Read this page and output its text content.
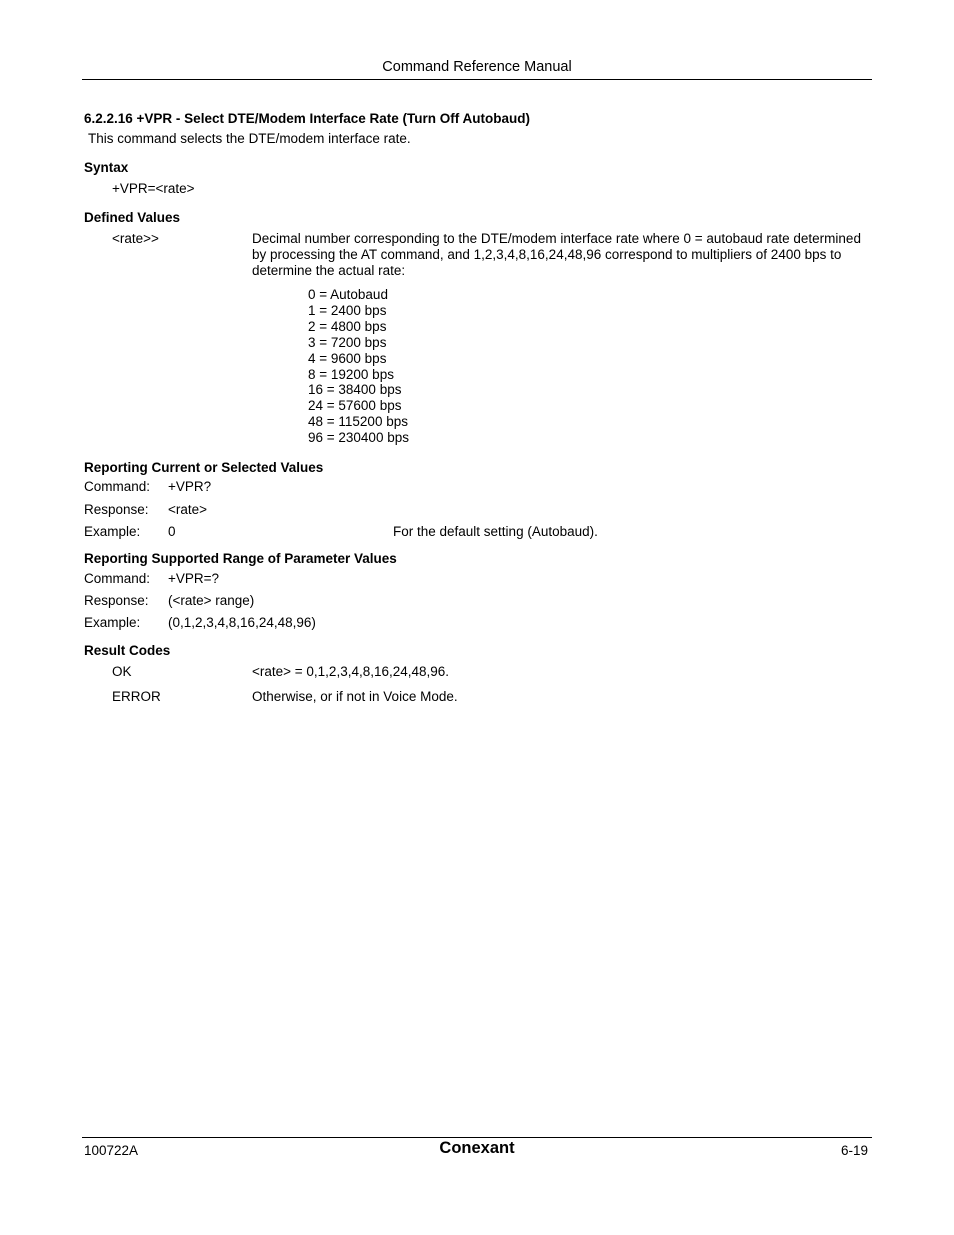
Command Reference Manual
6.2.2.16 +VPR - Select DTE/Modem Interface Rate (Turn Off Autobaud)
This command selects the DTE/modem interface rate.
Syntax
+VPR=<rate>
Defined Values
<rate>>	Decimal number corresponding to the DTE/modem interface rate where 0 = autobaud rate determined by processing the AT command, and 1,2,3,4,8,16,24,48,96 correspond to multipliers of 2400 bps to determine the actual rate:
0 = Autobaud
1 = 2400 bps
2 = 4800 bps
3 = 7200 bps
4 = 9600 bps
8 = 19200 bps
16 = 38400 bps
24 = 57600 bps
48 = 115200 bps
96 = 230400 bps
Reporting Current or Selected Values
Command: +VPR?
Response: <rate>
Example: 0	For the default setting (Autobaud).
Reporting Supported Range of Parameter Values
Command: +VPR=?
Response: (<rate> range)
Example: (0,1,2,3,4,8,16,24,48,96)
Result Codes
OK	<rate> = 0,1,2,3,4,8,16,24,48,96.
ERROR	Otherwise, or if not in Voice Mode.
100722A	Conexant	6-19
